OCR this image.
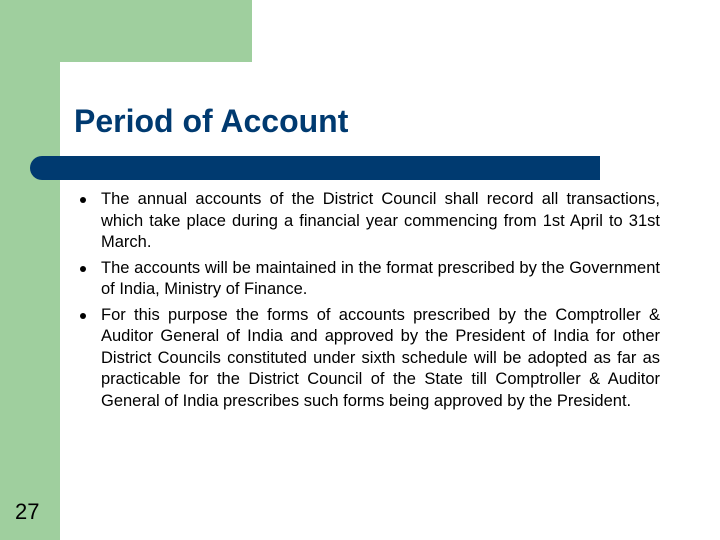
Period of Account
The annual accounts of the District Council shall record all transactions, which take place during a financial year commencing from 1st April to 31st March.
The accounts will be maintained in the format prescribed by the Government of India, Ministry of Finance.
For this purpose the forms of accounts prescribed by the Comptroller & Auditor General of India and approved by the President of India for other District Councils constituted under sixth schedule will be adopted as far as practicable for the District Council of the State till Comptroller & Auditor General of India prescribes such forms being approved by the President.
27
